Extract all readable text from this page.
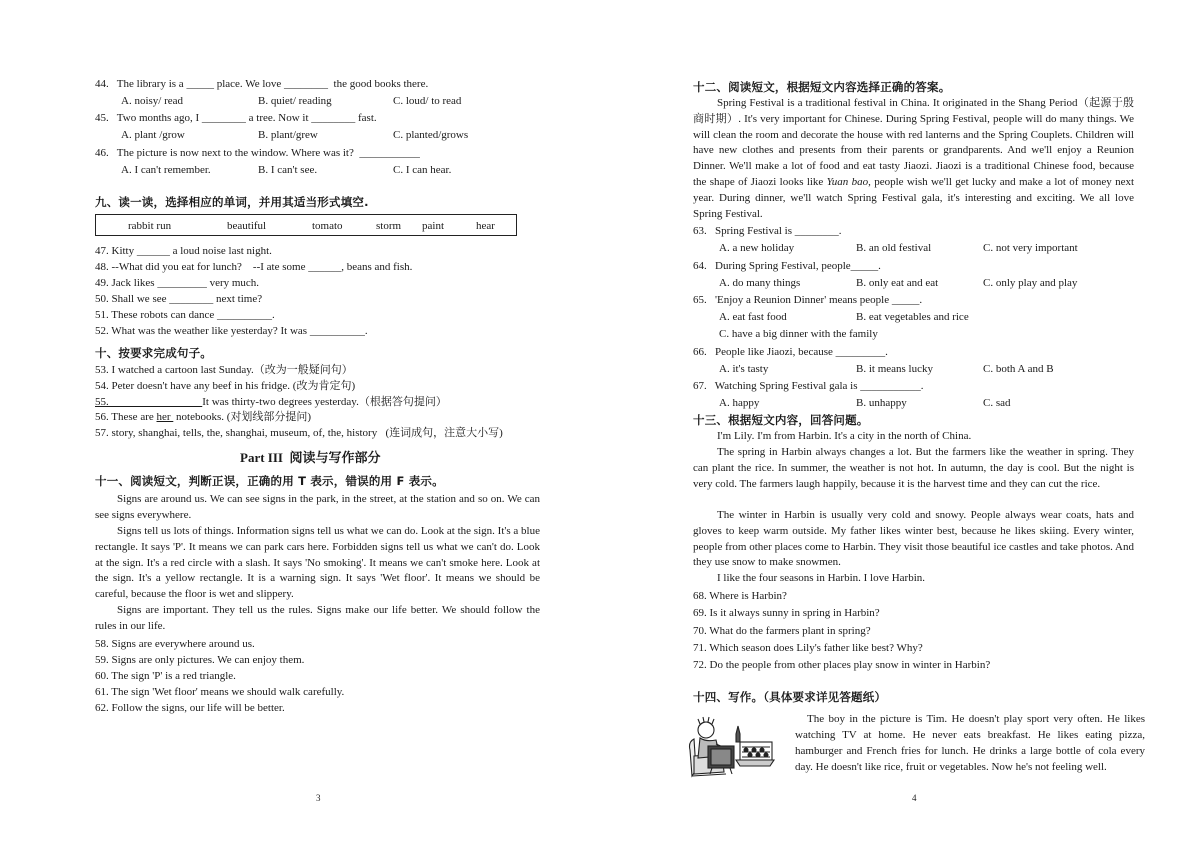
44.   The library is a _____ place. We love ________  the good books there.
A. noisy/ read	B. quiet/ reading	C. loud/ to read
45.   Two months ago, I ________ a tree. Now it ________ fast.
A. plant /grow	B. plant/grew	C. planted/grows
46.   The picture is now next to the window. Where was it?  ___________
A. I can't remember.	B. I can't see.	C. I can hear.
九、读一读，选择相应的单词，并用其适当形式填空.
rabbit run	beautiful	tomato	storm paint	hear
47. Kitty ______ a loud noise last night.
48. --What did you eat for lunch?    --I ate some ______, beans and fish.
49. Jack likes _________ very much.
50. Shall we see ________ next time?
51. These robots can dance __________.
52. What was the weather like yesterday? It was __________.
十、按要求完成句子。
53. I watched a cartoon last Sunday.（改为一般疑问句）
54. Peter doesn't have any beef in his fridge. (改为肯定句)
55. ________________ It was thirty-two degrees yesterday.（根据答句提问）
56. These are her  notebooks. (对划线部分提问)
57. story, shanghai, tells, the, shanghai, museum, of, the, history   (连词成句，注意大小写)
Part III  阅读与写作部分
十一、阅读短文，判断正误，正确的用 T 表示，错误的用 F 表示。
Signs are around us. We can see signs in the park, in the street, at the station and so on. We can see signs everywhere.
Signs tell us lots of things. Information signs tell us what we can do. Look at the sign. It's a blue rectangle. It says 'P'. It means we can park cars here. Forbidden signs tell us what we can't do. Look at the sign. It's a red circle with a slash. It says 'No smoking'. It means we can't smoke here. Look at the sign. It's a yellow rectangle. It is a warning sign. It says 'Wet floor'. It means we should be careful, because the floor is wet and slippery.
Signs are important. They tell us the rules. Signs make our life better. We should follow the rules in our life.
58. Signs are everywhere around us.
59. Signs are only pictures. We can enjoy them.
60. The sign 'P' is a red triangle.
61. The sign 'Wet floor' means we should walk carefully.
62. Follow the signs, our life will be better.
3
十二、阅读短文，根据短文内容选择正确的答案。
Spring Festival is a traditional festival in China. It originated in the Shang Period（起源于殷商时期）. It's very important for Chinese. During Spring Festival, people will do many things. We will clean the room and decorate the house with red lanterns and the Spring Couplets. Children will have new clothes and presents from their parents or grandparents. And we'll enjoy a Reunion Dinner. We'll make a lot of food and eat tasty Jiaozi. Jiaozi is a traditional Chinese food, because the shape of Jiaozi looks like Yuan bao, people wish we'll get lucky and make a lot of money next year. During dinner, we'll watch Spring Festival gala, it's interesting and exciting. We all love Spring Festival.
63.   Spring Festival is ________.
A. a new holiday	B. an old festival	C. not very important
64.   During Spring Festival, people_____.
A. do many things	B. only eat and eat	C. only play and play
65.   'Enjoy a Reunion Dinner' means people _____.
A. eat fast food	B. eat vegetables and rice
C. have a big dinner with the family
66.   People like Jiaozi, because _________.
A. it's tasty	B. it means lucky	C. both A and B
67.   Watching Spring Festival gala is ___________.
A. happy	B. unhappy	C. sad
十三、根据短文内容，回答问题。
I'm Lily. I'm from Harbin. It's a city in the north of China.
The spring in Harbin always changes a lot. But the farmers like the weather in spring. They can plant the rice. In summer, the weather is not hot. In autumn, the day is cool. But the night is very cold. The farmers laugh happily, because it is the harvest time and they can cut the rice.
The winter in Harbin is usually very cold and snowy. People always wear coats, hats and gloves to keep warm outside. My father likes winter best, because he likes skiing. Every winter, people from other places come to Harbin. They visit those beautiful ice castles and take photos. And they use snow to make snowmen.
I like the four seasons in Harbin. I love Harbin.
68. Where is Harbin?
69. Is it always sunny in spring in Harbin?
70. What do the farmers plant in spring?
71. Which season does Lily's father like best? Why?
72. Do the people from other places play snow in winter in Harbin?
十四、写作。（具体要求详见答题纸）
The boy in the picture is Tim. He doesn't play sport very often. He likes watching TV at home. He never eats breakfast. He likes eating pizza, hamburger and French fries for lunch. He drinks a large bottle of cola every day. He doesn't like rice, fruit or vegetables. Now he's not feeling well.
4
